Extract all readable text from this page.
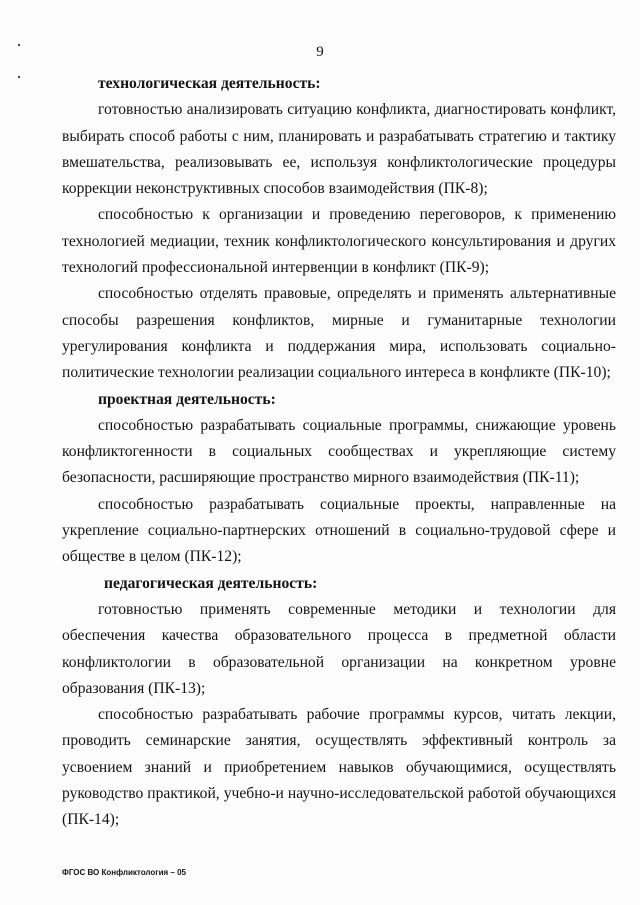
9

технологическая деятельность:

готовностью анализировать ситуацию конфликта, диагностировать конфликт, выбирать способ работы с ним, планировать и разрабатывать стратегию и тактику вмешательства, реализовывать ее, используя конфликтологические процедуры коррекции неконструктивных способов взаимодействия (ПК-8);

способностью к организации и проведению переговоров, к применению технологией медиации, техник конфликтологического консультирования и других технологий профессиональной интервенции в конфликт (ПК-9);

способностью отделять правовые, определять и применять альтернативные способы разрешения конфликтов, мирные и гуманитарные технологии урегулирования конфликта и поддержания мира, использовать социально-политические технологии реализации социального интереса в конфликте (ПК-10);

проектная деятельность:

способностью разрабатывать социальные программы, снижающие уровень конфликтогенности в социальных сообществах и укрепляющие систему безопасности, расширяющие пространство мирного взаимодействия (ПК-11);

способностью разрабатывать социальные проекты, направленные на укрепление социально-партнерских отношений в социально-трудовой сфере и обществе в целом (ПК-12);

педагогическая деятельность:

готовностью применять современные методики и технологии для обеспечения качества образовательного процесса в предметной области конфликтологии в образовательной организации на конкретном уровне образования (ПК-13);

способностью разрабатывать рабочие программы курсов, читать лекции, проводить семинарские занятия, осуществлять эффективный контроль за усвоением знаний и приобретением навыков обучающимися, осуществлять руководство практикой, учебно-и научно-исследовательской работой обучающихся (ПК-14);

ФГОС ВО Конфликтология – 05
